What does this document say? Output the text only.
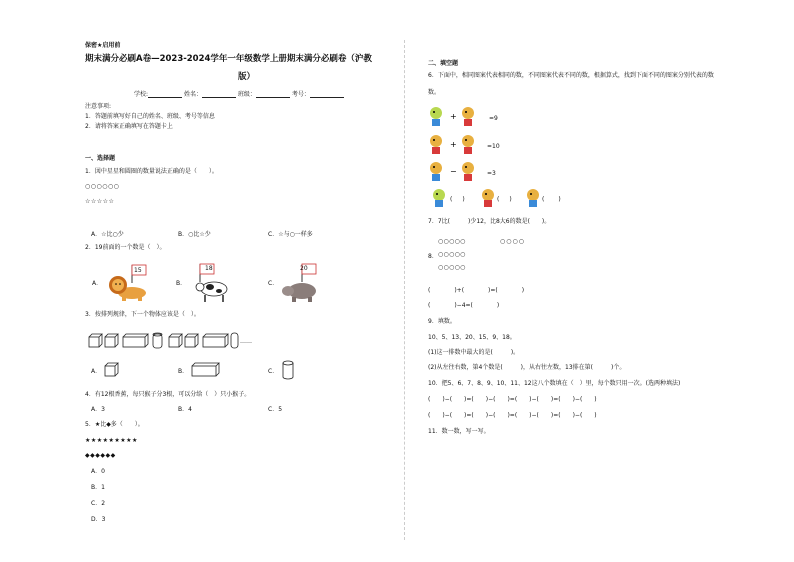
保密★启用前
期末满分必刷A卷—2023-2024学年一年级数学上册期末满分必刷卷（沪教
版）
学校:	姓名：	班级：	考号：
注意事项:
1．答题前填写好自己的姓名、班级、考号等信息
2．请将答案正确填写在答题卡上
一、选择题
1．図中星星和圆圈的数量说法正确的是（　　）。
○○○○○○
☆☆☆☆☆
A．☆比○少	B．○比☆少	C．☆与○一样多
2．19前面的一个数是（　）。
A．	B．	C．
15	18	20
3．按排列规律，下一个物体应该是（　）。
……
A．	B．	C．
4．有12根香蕉，每只猴子分3根，可以分给（　）只小猴子。
A．3	B．4	C．5
5．★比◆多（　　）。
★★★★★★★★★
◆◆◆◆◆◆
A．0
B．1
C．2
D．3
二、填空题
6．下面中，相同图案代表相同的数，不同图案代表不同的数，根据算式，找到下面不同的图案分别代表的数
数。
+	=9
+	=10
−	=3
( )	( )	( )
7．7比(　　　)少12，比8大6的数是(　　)。
8．
○○○○○
○○○○○
○○○○○
○○○○
(　　　　)+(　　　　)=(　　　　)
(　　　　)−4=(　　　　)
9．填数。
10、5、13、20、15、9、18。
(1)这一排数中最大的是(　　　)。
(2)从左往右数，第4个数是(　　　)，从右往左数，13排在第(　　　)个。
10．把5、6、7、8、9、10、11、12这八个数填在（　）里，每个数只用一次。(选两种填法)
(　　)−(　　)=(　　)−(　　)=(　　)−(　　)=(　　)−(　　)
(　　)−(　　)=(　　)−(　　)=(　　)−(　　)=(　　)−(　　)
11．数一数，写一写。
